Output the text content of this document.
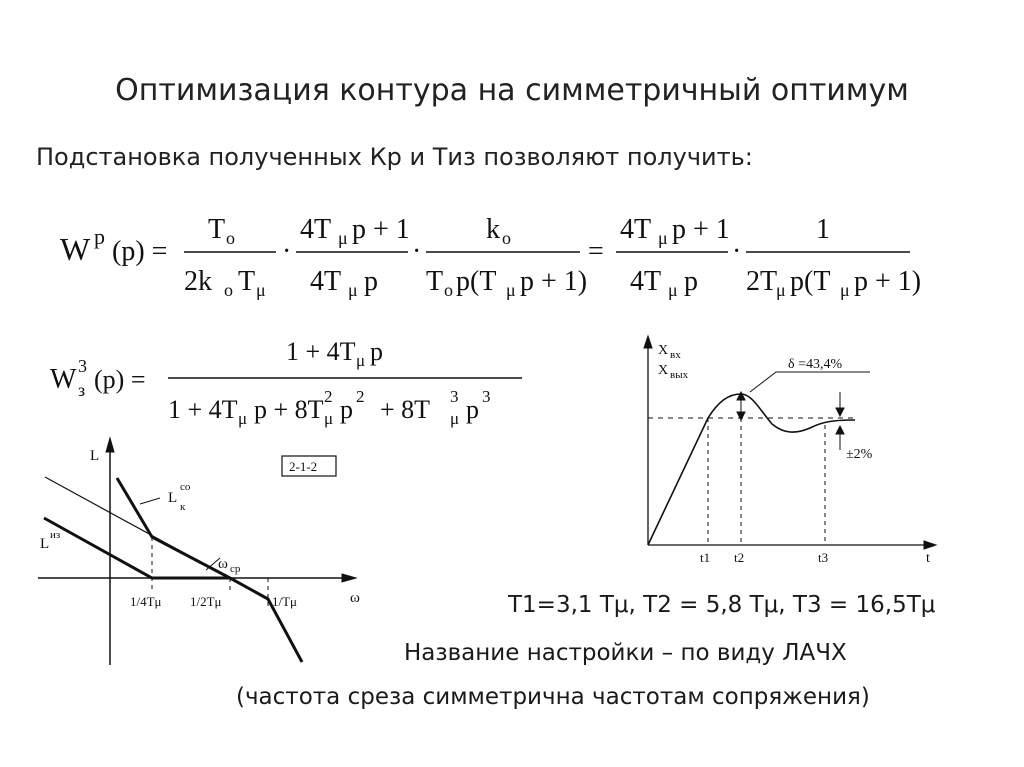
Оптимизация контура на симметричный оптимум
Подстановка полученных Кр и Тиз позволяют получить:
W p (p) =
T o
2k o T μ
·
4T μ p + 1
4T μ p
·
k o
T o p(T μ p + 1)
=
4T μ p + 1
4T μ p
·
1
2T
μ p(T μ p + 1)
W 3
з (p) =
1 + 4T μ p
1 + 4T μ p + 8T 2
μ p 2 + 8T 3
μ p 3
L
ω
L
со
к
L
из
ω ср
1/4Tμ 1/2Tμ	1/Tμ
2-1-2
X вх
X вых
δ =43,4%
±2%
t
t1 t2	t3
T1=3,1 Tμ, T2 = 5,8 Tμ, T3 = 16,5Tμ
Название настройки – по виду ЛАЧХ
(частота среза симметрична частотам сопряжения)
